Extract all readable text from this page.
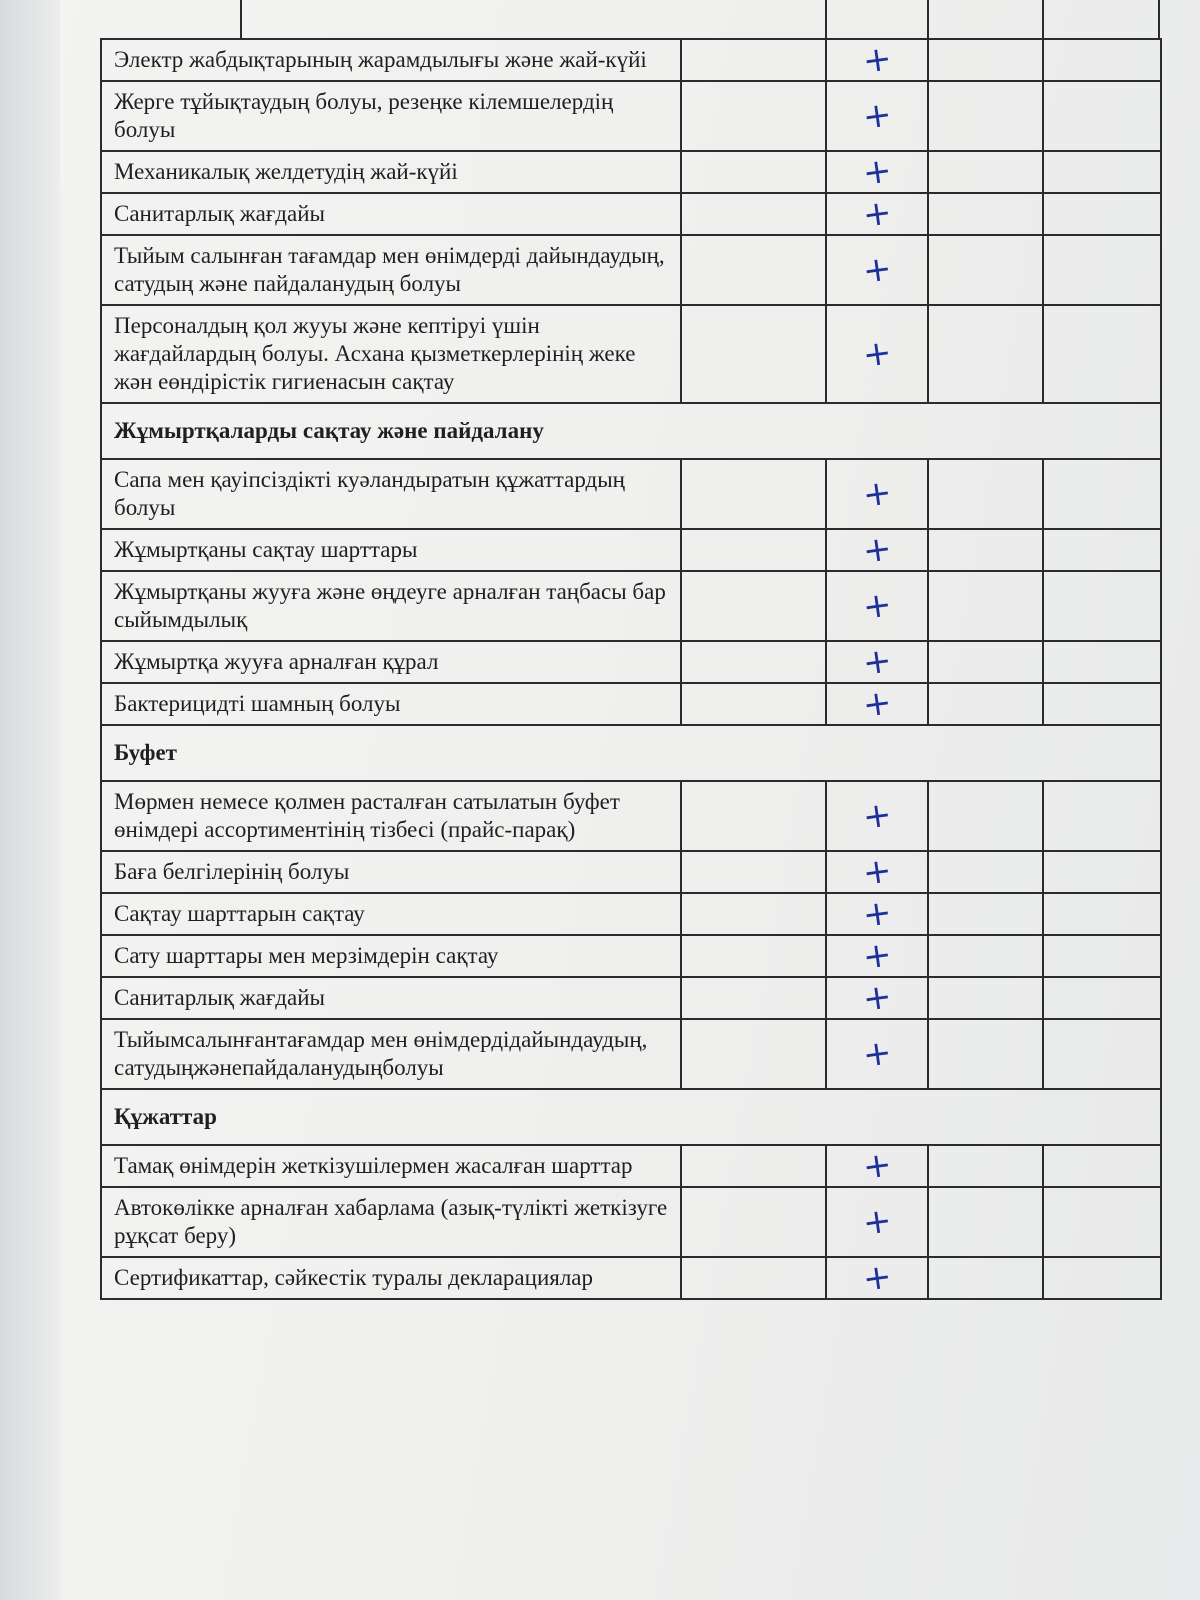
Электр жабдықтарының жарамдылығы және жай-күйі		+		
Жерге тұйықтаудың болуы, резеңке кілемшелердің болуы		+		
Механикалық желдетудің жай-күйі		+		
Санитарлық жағдайы		+		
Тыйым салынған тағамдар мен өнімдерді дайындаудың, сатудың және пайдаланудың болуы		+		
Персоналдың қол жууы және кептіруі үшін жағдайлардың болуы. Асхана қызметкерлерінің жеке жән еөндірістік гигиенасын сақтау		+		
Жұмыртқаларды сақтау және пайдалану				
Сапа мен қауіпсіздікті куәландыратын құжаттардың болуы		+		
Жұмыртқаны сақтау шарттары		+		
Жұмыртқаны жууға және өңдеуге арналған таңбасы бар сыйымдылық		+		
Жұмыртқа жууға арналған құрал		+		
Бактерицидті шамның болуы		+		
Буфет				
Мөрмен немесе қолмен расталған сатылатын буфет өнімдері ассортиментінің тізбесі (прайс-парақ)		+		
Баға белгілерінің болуы		+		
Сақтау шарттарын сақтау		+		
Сату шарттары мен мерзімдерін сақтау		+		
Санитарлық жағдайы		+		
Тыйымсалынғантағамдар мен өнімдердідайындаудың, сатудыңжәнепайдаланудыңболуы		+		
Құжаттар				
Тамақ өнімдерін жеткізушілермен жасалған шарттар		+		
Автокөлікке арналған хабарлама (азық-түлікті жеткізуге рұқсат беру)		+		
Сертификаттар, сәйкестік туралы декларациялар		+		
